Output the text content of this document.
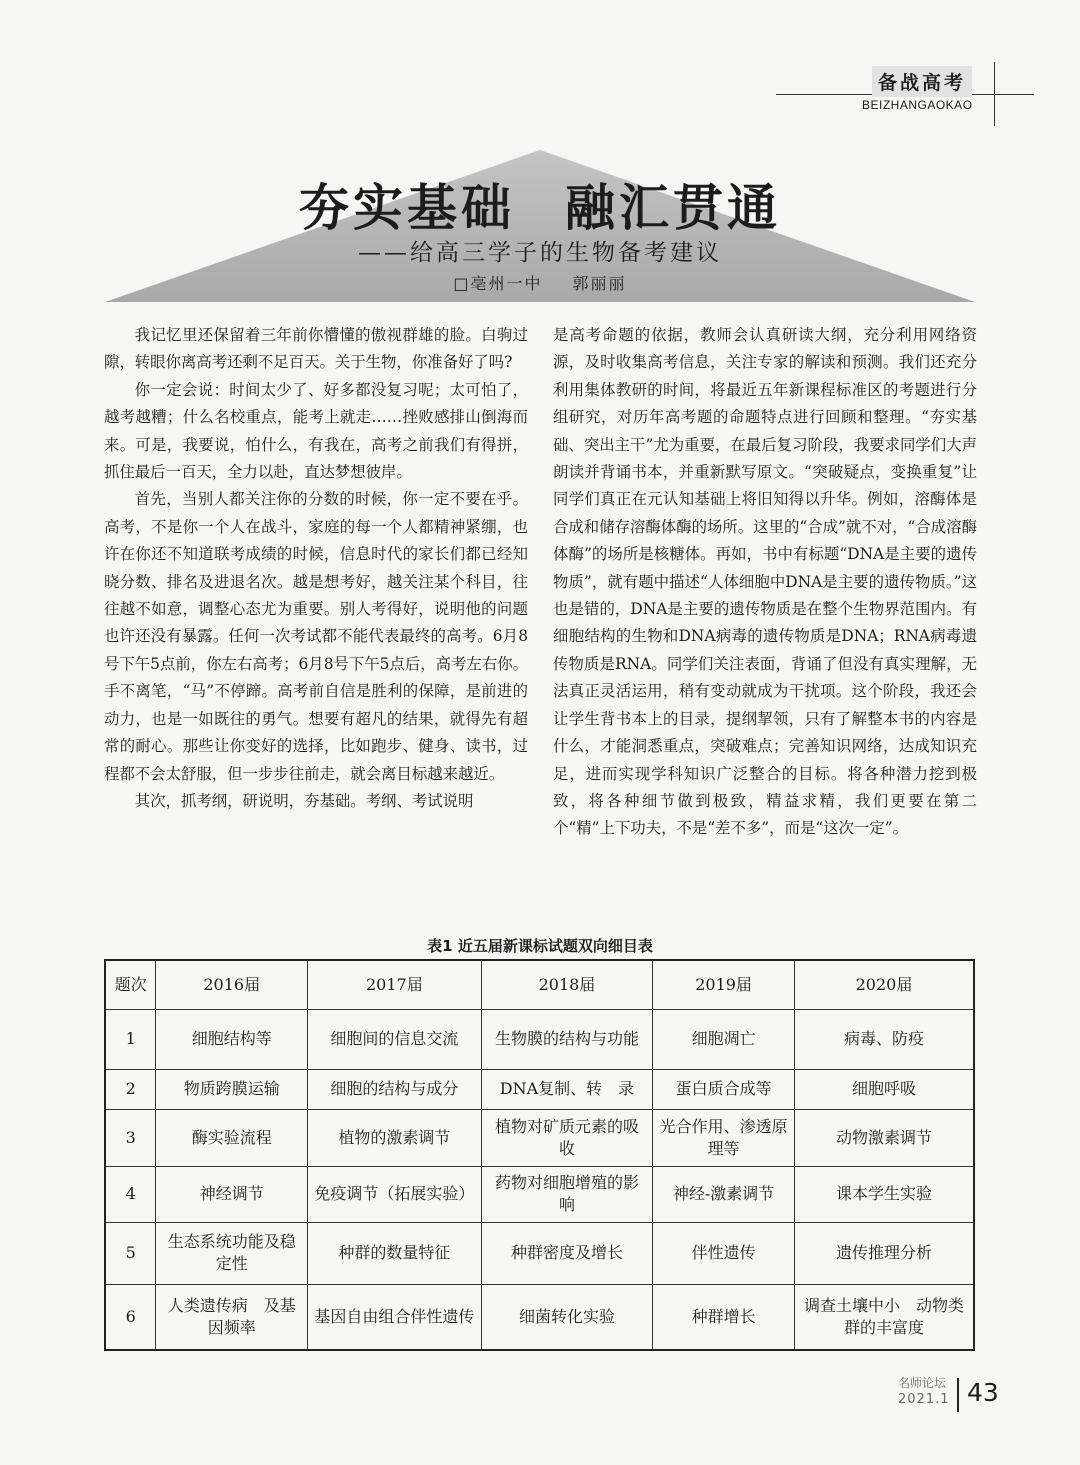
备战高考
BEIZHANGAOKAO
夯实基础 融汇贯通
——给高三学子的生物备考建议
□亳州一中 郭丽丽

我记忆里还保留着三年前你懵懂的傲视群雄的脸。白驹过隙，转眼你离高考还剩不足百天。关于生物，你准备好了吗?

你一定会说：时间太少了、好多都没复习呢；太可怕了，越考越糟；什么名校重点，能考上就走……挫败感排山倒海而来。可是，我要说，怕什么，有我在，高考之前我们有得拼，抓住最后一百天，全力以赴，直达梦想彼岸。

首先，当别人都关注你的分数的时候，你一定不要在乎。高考，不是你一个人在战斗，家庭的每一个人都精神紧绷，也许在你还不知道联考成绩的时候，信息时代的家长们都已经知晓分数、排名及进退名次。越是想考好，越关注某个科目，往往越不如意，调整心态尤为重要。别人考得好，说明他的问题也许还没有暴露。任何一次考试都不能代表最终的高考。6月8号下午5点前，你左右高考；6月8号下午5点后，高考左右你。手不离笔，“马”不停蹄。高考前自信是胜利的保障，是前进的动力，也是一如既往的勇气。想要有超凡的结果，就得先有超常的耐心。那些让你变好的选择，比如跑步、健身、读书，过程都不会太舒服，但一步步往前走，就会离目标越来越近。

其次，抓考纲，研说明，夯基础。考纲、考试说明

是高考命题的依据，教师会认真研读大纲，充分利用网络资源，及时收集高考信息，关注专家的解读和预测。我们还充分利用集体教研的时间，将最近五年新课程标准区的考题进行分组研究，对历年高考题的命题特点进行回顾和整理。“夯实基础、突出主干”尤为重要，在最后复习阶段，我要求同学们大声朗读并背诵书本，并重新默写原文。“突破疑点，变换重复”让同学们真正在元认知基础上将旧知得以升华。例如，溶酶体是合成和储存溶酶体酶的场所。这里的“合成”就不对，“合成溶酶体酶”的场所是核糖体。再如，书中有标题“DNA是主要的遗传物质”，就有题中描述“人体细胞中DNA是主要的遗传物质。”这也是错的，DNA是主要的遗传物质是在整个生物界范围内。有细胞结构的生物和DNA病毒的遗传物质是DNA；RNA病毒遗传物质是RNA。同学们关注表面，背诵了但没有真实理解，无法真正灵活运用，稍有变动就成为干扰项。这个阶段，我还会让学生背书本上的目录，提纲挈领，只有了解整本书的内容是什么，才能洞悉重点，突破难点；完善知识网络，达成知识充足，进而实现学科知识广泛整合的目标。将各种潜力挖到极致，将各种细节做到极致，精益求精，我们更要在第二个“精”上下功夫，不是“差不多”，而是“这次一定”。

表1 近五届新课标试题双向细目表
题次	2016届	2017届	2018届	2019届	2020届
1	细胞结构等	细胞间的信息交流	生物膜的结构与功能	细胞凋亡	病毒、防疫
2	物质跨膜运输	细胞的结构与成分	DNA复制、转　录	蛋白质合成等	细胞呼吸
3	酶实验流程	植物的激素调节	植物对矿质元素的吸收	光合作用、渗透原理等	动物激素调节
4	神经调节	免疫调节（拓展实验）	药物对细胞增殖的影响	神经-激素调节	课本学生实验
5	生态系统功能及稳定性	种群的数量特征	种群密度及增长	伴性遗传	遗传推理分析
6	人类遗传病　及基因频率	基因自由组合伴性遗传	细菌转化实验	种群增长	调查土壤中小　动物类群的丰富度
名师论坛
2021.1 43
